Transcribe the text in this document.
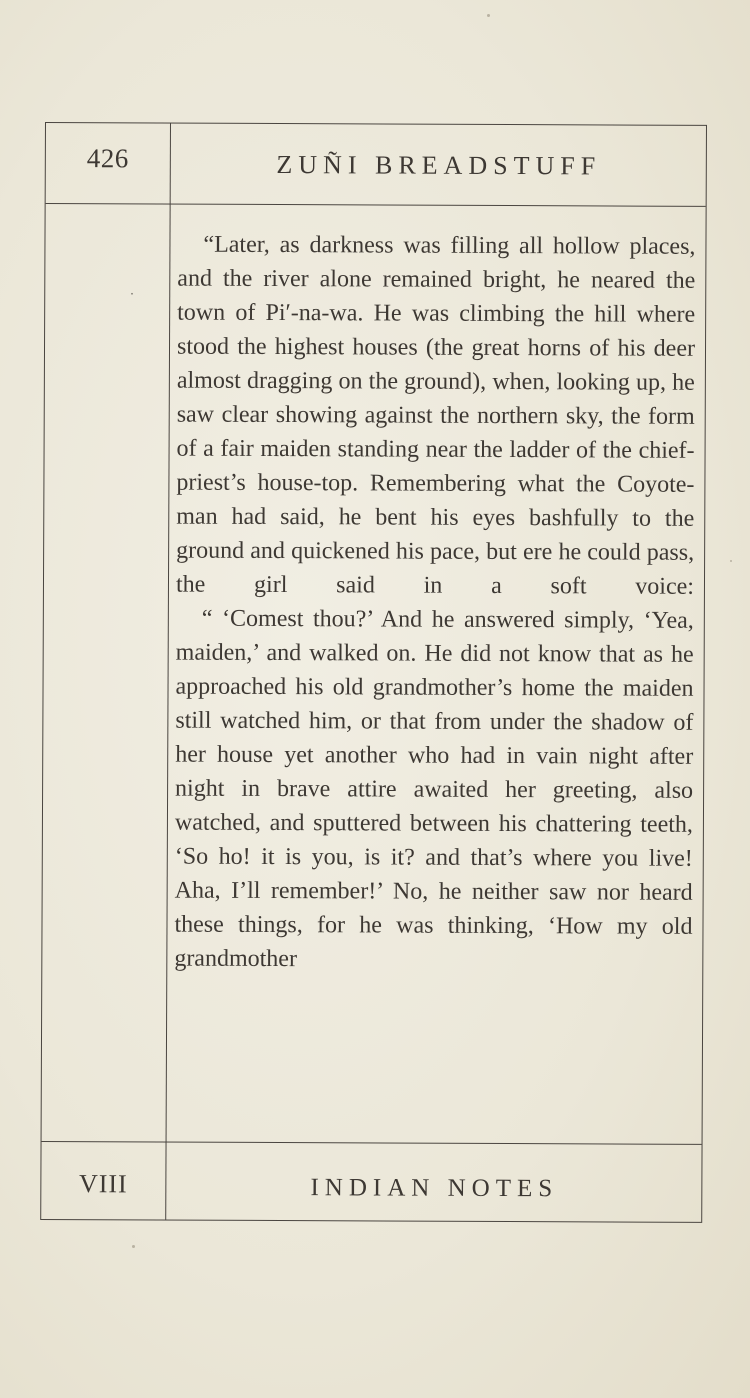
426	ZUÑI BREADSTUFF
.

“Later, as darkness was filling all hollow places, and the river alone remained bright, he neared the town of Pi′-na-wa. He was climbing the hill where stood the highest houses (the great horns of his deer almost dragging on the ground), when, looking up, he saw clear showing against the northern sky, the form of a fair maiden standing near the ladder of the chief-priest’s house-top. Remembering what the Coyote-man had said, he bent his eyes bashfully to the ground and quickened his pace, but ere he could pass, the girl said in a soft voice:

“ ‘Comest thou?’ And he answered simply, ‘Yea, maiden,’ and walked on. He did not know that as he approached his old grandmother’s home the maiden still watched him, or that from under the shadow of her house yet another who had in vain night after night in brave attire awaited her greeting, also watched, and sputtered between his chattering teeth, ‘So ho! it is you, is it? and that’s where you live! Aha, I’ll remember!’ No, he neither saw nor heard these things, for he was thinking, ‘How my old grandmother

VIII	INDIAN NOTES
